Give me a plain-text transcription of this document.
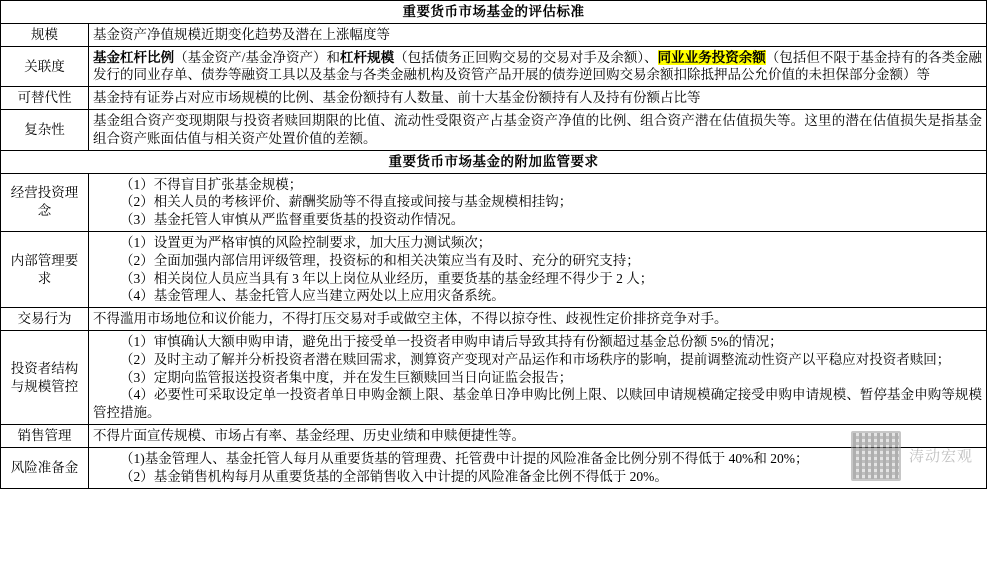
重要货币市场基金的评估标准	
规模	基金资产净值规模近期变化趋势及潜在上涨幅度等

关联度	基金杠杆比例（基金资产/基金净资产）和杠杆规模（包括债务正回购交易的交易对手及余额）、同业业务投资余额（包括但不限于基金持有的各类金融发行的同业存单、债券等融资工具以及基金与各类金融机构及资管产品开展的债券逆回购交易余额扣除抵押品公允价值的未担保部分金额）等

可替代性	基金持有证券占对应市场规模的比例、基金份额持有人数量、前十大基金份额持有人及持有份额占比等

复杂性	基金组合资产变现期限与投资者赎回期限的比值、流动性受限资产占基金资产净值的比例、组合资产潜在估值损失等。这里的潜在估值损失是指基金组合资产账面估值与相关资产处置价值的差额。

重要货币市场基金的附加监管要求	
经营投资理念	（1）不得盲目扩张基金规模；

（2）相关人员的考核评价、薪酬奖励等不得直接或间接与基金规模相挂钩；

（3）基金托管人审慎从严监督重要货基的投资动作情况。

内部管理要求	（1）设置更为严格审慎的风险控制要求，加大压力测试频次；

（2）全面加强内部信用评级管理，投资标的和相关决策应当有及时、充分的研究支持；

（3）相关岗位人员应当具有 3 年以上岗位从业经历，重要货基的基金经理不得少于 2 人；

（4）基金管理人、基金托管人应当建立两处以上应用灾备系统。

交易行为	不得滥用市场地位和议价能力，不得打压交易对手或做空主体，不得以掠夺性、歧视性定价排挤竞争对手。

投资者结构与规模管控	（1）审慎确认大额申购申请，避免出于接受单一投资者申购申请后导致其持有份额超过基金总份额 5%的情况；

（2）及时主动了解并分析投资者潜在赎回需求，测算资产变现对产品运作和市场秩序的影响，提前调整流动性资产以平稳应对投资者赎回；

（3）定期向监管报送投资者集中度，并在发生巨额赎回当日向证监会报告；

（4）必要性可采取设定单一投资者单日申购金额上限、基金单日净申购比例上限、以赎回申请规模确定接受申购申请规模、暂停基金申购等规模管控措施。

销售管理	不得片面宣传规模、市场占有率、基金经理、历史业绩和申赎便捷性等。

风险准备金	（1)基金管理人、基金托管人每月从重要货基的管理费、托管费中计提的风险准备金比例分别不得低于 40%和 20%；

（2）基金销售机构每月从重要货基的全部销售收入中计提的风险准备金比例不得低于 20%。

涛动宏观
